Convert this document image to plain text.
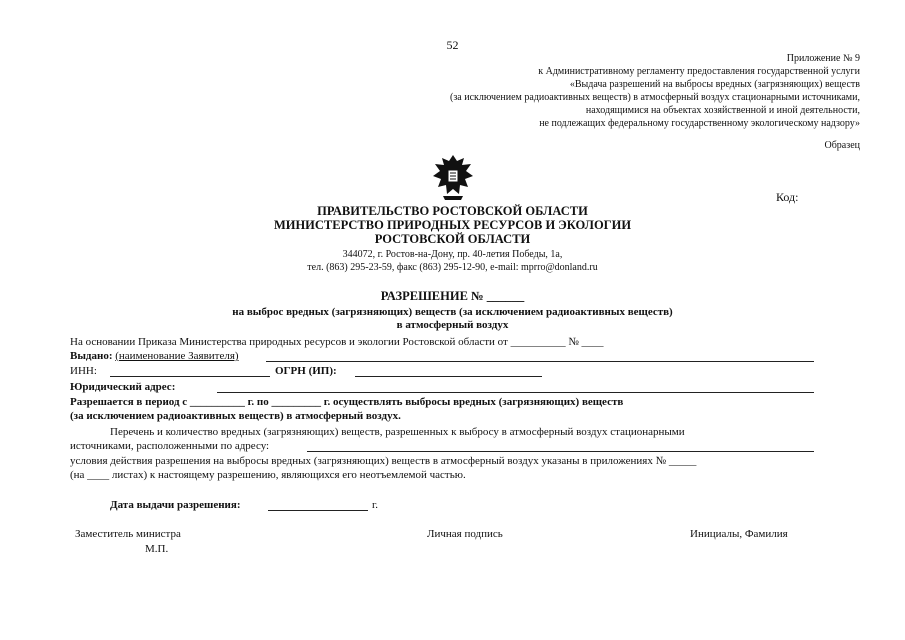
52
Приложение № 9
к Административному регламенту предоставления государственной услуги
«Выдача разрешений на выбросы вредных (загрязняющих) веществ
(за исключением радиоактивных веществ) в атмосферный воздух стационарными источниками,
находящимися на объектах хозяйственной и иной деятельности,
не подлежащих федеральному государственному экологическому надзору»
Образец
Код:
ПРАВИТЕЛЬСТВО РОСТОВСКОЙ ОБЛАСТИ
МИНИСТЕРСТВО ПРИРОДНЫХ РЕСУРСОВ И ЭКОЛОГИИ
РОСТОВСКОЙ ОБЛАСТИ
344072, г. Ростов-на-Дону, пр. 40-летия Победы, 1а,
тел. (863) 295-23-59, факс (863) 295-12-90, e-mail: mprro@donland.ru
РАЗРЕШЕНИЕ № ______
на выброс вредных (загрязняющих) веществ (за исключением радиоактивных веществ)
в атмосферный воздух
На основании Приказа Министерства природных ресурсов и экологии Ростовской области от __________ № ____
Выдано: (наименование Заявителя)
ИНН:	ОГРН (ИП):
Юридический адрес:
Разрешается в период с __________ г. по _________ г. осуществлять выбросы вредных (загрязняющих) веществ
(за исключением радиоактивных веществ) в атмосферный воздух.
Перечень и количество вредных (загрязняющих) веществ, разрешенных к выбросу в атмосферный воздух стационарными
источниками, расположенными по адресу:
условия действия разрешения на выбросы вредных (загрязняющих) веществ в атмосферный воздух указаны в приложениях № _____
(на ____ листах) к настоящему разрешению, являющихся его неотъемлемой частью.
Дата выдачи разрешения:	г.
Заместитель министра
М.П.
Личная подпись	Инициалы, Фамилия
